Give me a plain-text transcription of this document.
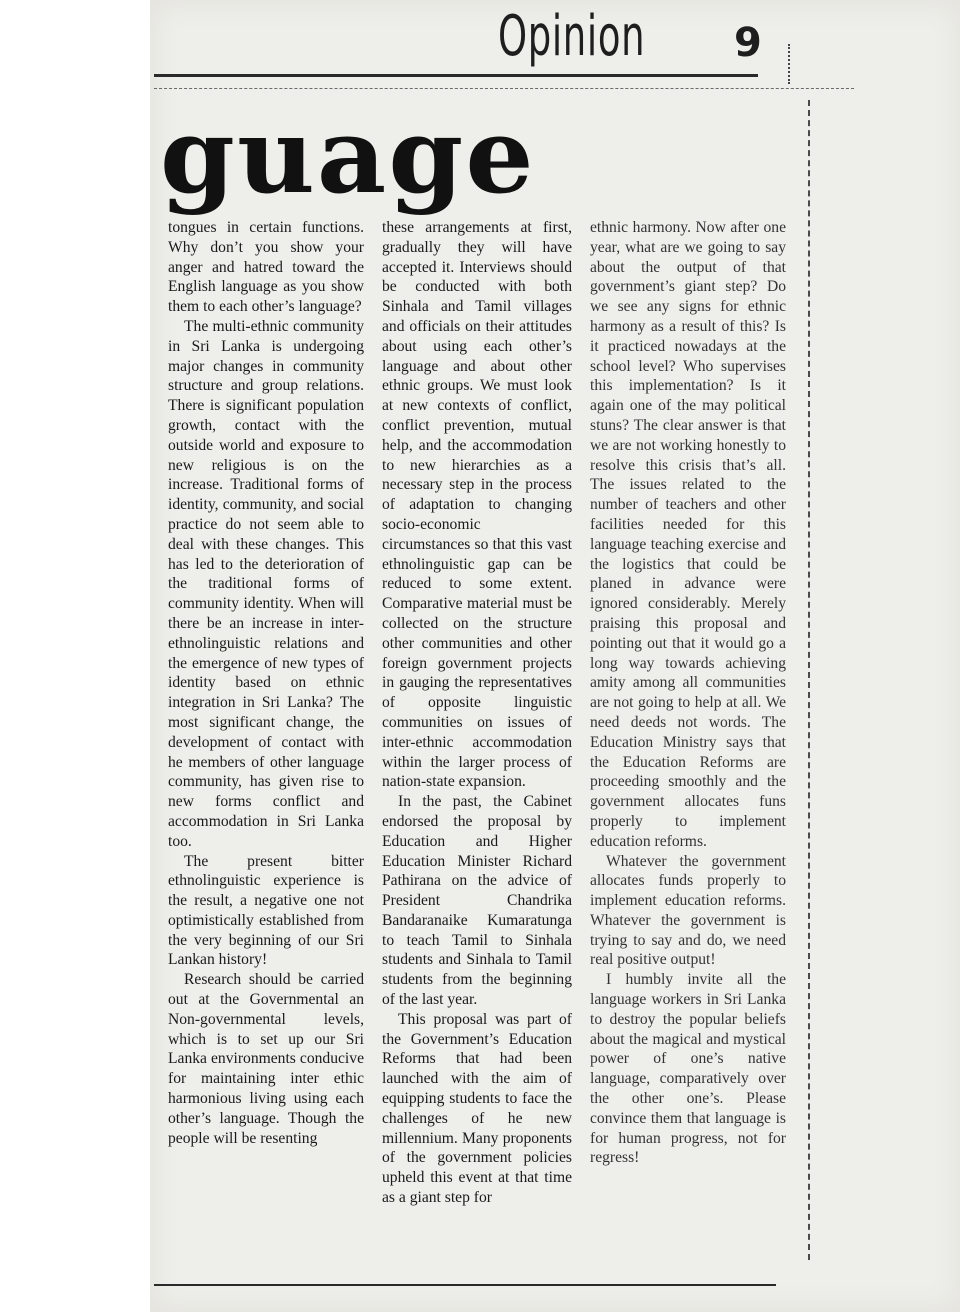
Opinion 9
guage

tongues in certain functions. Why don’t you show your anger and hatred toward the English language as you show them to each other’s language?

The multi-ethnic community in Sri Lanka is undergoing major changes in community structure and group relations. There is significant population growth, contact with the outside world and exposure to new religious is on the increase. Traditional forms of identity, community, and social practice do not seem able to deal with these changes. This has led to the deterioration of the traditional forms of community identity. When will there be an increase in inter-ethnolinguistic relations and the emergence of new types of identity based on ethnic integration in Sri Lanka? The most significant change, the development of contact with he members of other language community, has given rise to new forms conflict and accommodation in Sri Lanka too.

The present bitter ethnolinguistic experience is the result, a negative one not optimistically established from the very beginning of our Sri Lankan history!

Research should be carried out at the Governmental an Non-governmental levels, which is to set up our Sri Lanka environments conducive for maintaining inter ethic harmonious living using each other’s language. Though the people will be resenting

these arrangements at first, gradually they will have accepted it. Interviews should be conducted with both Sinhala and Tamil villages and officials on their attitudes about using each other’s language and about other ethnic groups. We must look at new contexts of conflict, conflict prevention, mutual help, and the accommodation to new hierarchies as a necessary step in the process of adaptation to changing socio-economic circumstances so that this vast ethnolinguistic gap can be reduced to some extent. Comparative material must be collected on the structure other communities and other foreign government projects in gauging the representatives of opposite linguistic communities on issues of inter-ethnic accommodation within the larger process of nation-state expansion.

In the past, the Cabinet endorsed the proposal by Education and Higher Education Minister Richard Pathirana on the advice of President Chandrika Bandaranaike Kumaratunga to teach Tamil to Sinhala students and Sinhala to Tamil students from the beginning of the last year.

This proposal was part of the Government’s Education Reforms that had been launched with the aim of equipping students to face the challenges of he new millennium. Many proponents of the government policies upheld this event at that time as a giant step for

ethnic harmony. Now after one year, what are we going to say about the output of that government’s giant step? Do we see any signs for ethnic harmony as a result of this? Is it practiced nowadays at the school level? Who supervises this implementation? Is it again one of the may political stuns? The clear answer is that we are not working honestly to resolve this crisis that’s all. The issues related to the number of teachers and other facilities needed for this language teaching exercise and the logistics that could be planed in advance were ignored considerably. Merely praising this proposal and pointing out that it would go a long way towards achieving amity among all communities are not going to help at all. We need deeds not words. The Education Ministry says that the Education Reforms are proceeding smoothly and the government allocates funs properly to implement education reforms.

Whatever the government allocates funds properly to implement education reforms. Whatever the government is trying to say and do, we need real positive output!

I humbly invite all the language workers in Sri Lanka to destroy the popular beliefs about the magical and mystical power of one’s native language, comparatively over the other one’s. Please convince them that language is for human progress, not for regress!
